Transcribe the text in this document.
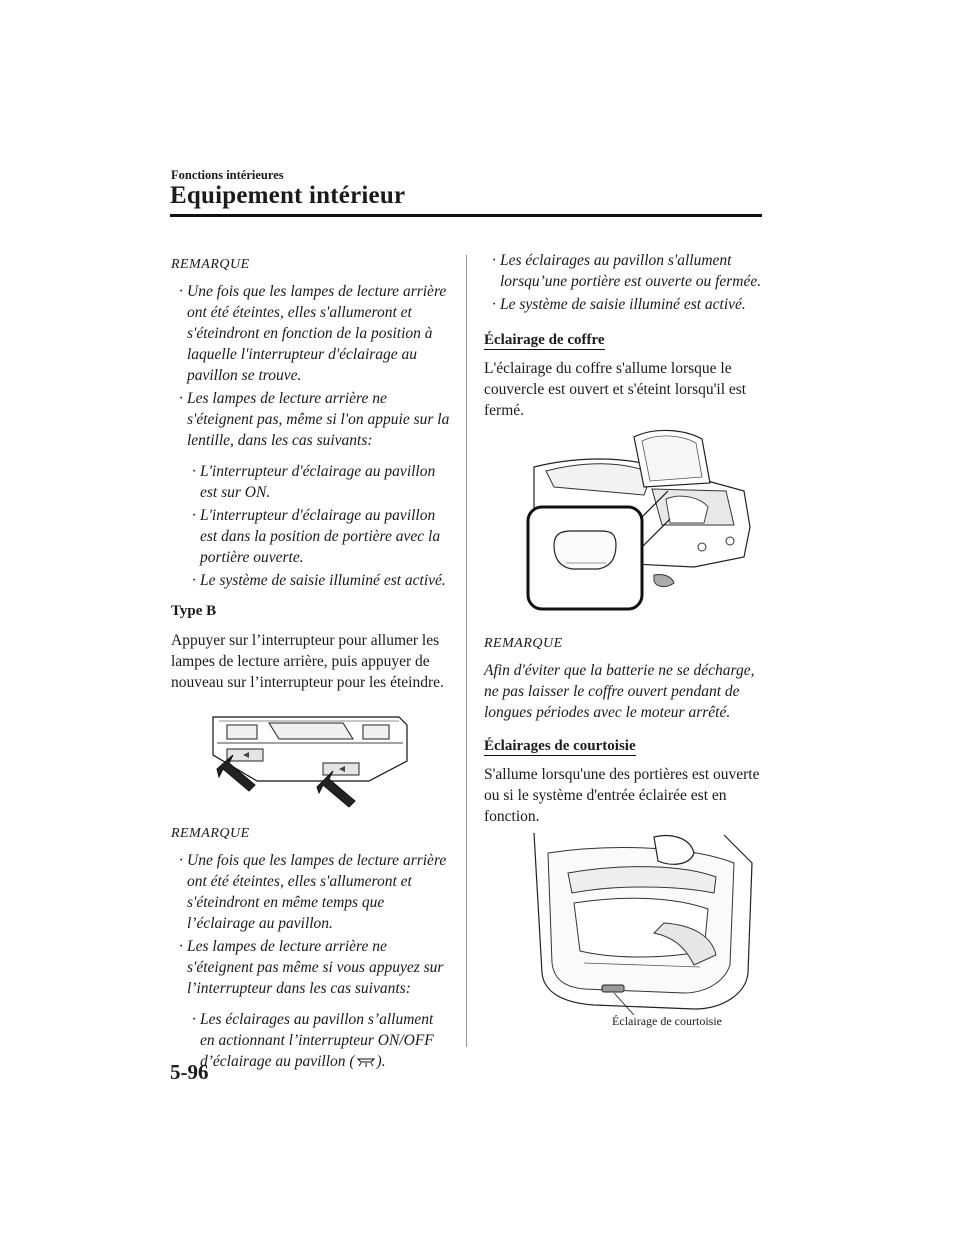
Fonctions intérieures
Equipement intérieur
REMARQUE
· Une fois que les lampes de lecture arrière ont été éteintes, elles s'allumeront et s'éteindront en fonction de la position à laquelle l'interrupteur d'éclairage au pavillon se trouve.
· Les lampes de lecture arrière ne s'éteignent pas, même si l'on appuie sur la lentille, dans les cas suivants:
· L'interrupteur d'éclairage au pavillon est sur ON.
· L'interrupteur d'éclairage au pavillon est dans la position de portière avec la portière ouverte.
· Le système de saisie illuminé est activé.
Type B
Appuyer sur l’interrupteur pour allumer les lampes de lecture arrière, puis appuyer de nouveau sur l’interrupteur pour les éteindre.
REMARQUE
· Une fois que les lampes de lecture arrière ont été éteintes, elles s'allumeront et s'éteindront en même temps que l’éclairage au pavillon.
· Les lampes de lecture arrière ne s'éteignent pas même si vous appuyez sur l’interrupteur dans les cas suivants:
· Les éclairages au pavillon s’allument en actionnant l’interrupteur ON/OFF d’éclairage au pavillon ( ).
· Les éclairages au pavillon s'allument lorsqu’une portière est ouverte ou fermée.
· Le système de saisie illuminé est activé.
Éclairage de coffre
L'éclairage du coffre s'allume lorsque le couvercle est ouvert et s'éteint lorsqu'il est fermé.
REMARQUE
Afin d'éviter que la batterie ne se décharge, ne pas laisser le coffre ouvert pendant de longues périodes avec le moteur arrêté.
Éclairages de courtoisie
S'allume lorsqu'une des portières est ouverte ou si le système d'entrée éclairée est en fonction.
Éclairage de courtoisie
5-96
